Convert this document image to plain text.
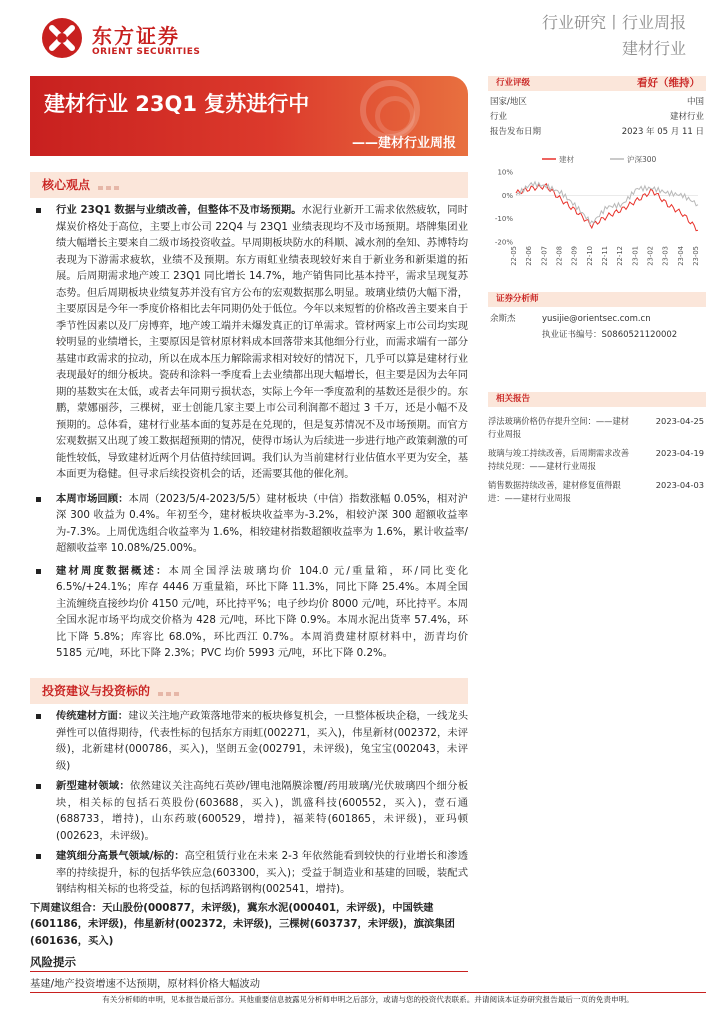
东方证券
ORIENT SECURITIES
行业研究丨行业周报
建材行业
建材行业 23Q1 复苏进行中
——建材行业周报
核心观点
行业 23Q1 数据与业绩改善，但整体不及市场预期。水泥行业新开工需求依然疲软，同时煤炭价格处于高位，主要上市公司 22Q4 与 23Q1 业绩表现均不及市场预期。塔牌集团业绩大幅增长主要来自二级市场投资收益。早周期板块防水的科顺、减水剂的垒知、苏博特均表现为下游需求疲软，业绩不及预期。东方雨虹业绩表现较好来自于新业务和新渠道的拓展。后周期需求地产竣工 23Q1 同比增长 14.7%，地产销售同比基本持平，需求呈现复苏态势。但后周期板块业绩复苏并没有官方公布的宏观数据那么明显。玻璃业绩仍大幅下滑，主要原因是今年一季度价格相比去年同期仍处于低位。今年以来短暂的价格改善主要来自于季节性因素以及厂房博弈，地产竣工端并未爆发真正的订单需求。管材两家上市公司均实现较明显的业绩增长，主要原因是管材原材料成本回落带来其他细分行业，而需求端有一部分基建市政需求的拉动，所以在成本压力解除需求相对较好的情况下，几乎可以算是建材行业表现最好的细分板块。瓷砖和涂料一季度看上去业绩都出现大幅增长，但主要是因为去年同期的基数实在太低，或者去年同期亏损状态，实际上今年一季度盈利的基数还是很少的。东鹏，蒙娜丽莎，三棵树，亚士创能几家主要上市公司利润都不超过 3 千万，还是小幅不及预期的。总体看，建材行业基本面的复苏是在兑现的，但是复苏情况不及市场预期。而官方宏观数据又出现了竣工数据超预期的情况，使得市场认为后续进一步进行地产政策刺激的可能性较低，导致建材近两个月估值持续回调。我们认为当前建材行业估值水平更为安全，基本面更为稳健。但寻求后续投资机会的话，还需要其他的催化剂。
本周市场回顾：本周（2023/5/4-2023/5/5）建材板块（中信）指数涨幅 0.05%，相对沪深 300 收益为 0.4%。年初至今，建材板块收益率为-3.2%，相较沪深 300 超额收益率为-7.3%。上周优选组合收益率为 1.6%，相较建材指数超额收益率为 1.6%，累计收益率/超额收益率 10.08%/25.00%。
建材周度数据概述：本周全国浮法玻璃均价 104.0 元/重量箱，环/同比变化 6.5%/+24.1%；库存 4446 万重量箱，环比下降 11.3%，同比下降 25.4%。本周全国主流缠绕直接纱均价 4150 元/吨，环比持平%；电子纱均价 8000 元/吨，环比持平。本周全国水泥市场平均成交价格为 428 元/吨，环比下降 0.9%。本周水泥出货率 57.4%，环比下降 5.8%；库容比 68.0%，环比西江 0.7%。本周消费建材原材料中，沥青均价 5185 元/吨，环比下降 2.3%；PVC 均价 5993 元/吨，环比下降 0.2%。
投资建议与投资标的
传统建材方面：建议关注地产政策落地带来的板块修复机会，一旦整体板块企稳，一线龙头弹性可以值得期待，代表性标的包括东方雨虹(002271，买入)，伟星新材(002372，未评级)，北新建材(000786，买入)，坚朗五金(002791，未评级)，兔宝宝(002043，未评级)
新型建材领域：依然建议关注高纯石英砂/锂电池隔膜涂覆/药用玻璃/光伏玻璃四个细分板块，相关标的包括石英股份(603688，买入)，凯盛科技(600552，买入)，壹石通(688733，增持)，山东药玻(600529，增持)，福莱特(601865，未评级)，亚玛顿(002623，未评级)。
建筑细分高景气领域/标的：高空租赁行业在未来 2-3 年依然能看到较快的行业增长和渗透率的持续提升，标的包括华铁应急(603300，买入)；受益于制造业和基建的回暖，装配式钢结构相关标的也将受益，标的包括鸿路钢构(002541，增持)。
下周建议组合：天山股份(000877，未评级)，冀东水泥(000401，未评级)，中国铁建(601186，未评级)，伟星新材(002372，未评级)，三棵树(603737，未评级)，旗滨集团(601636，买入)
风险提示
基建/地产投资增速不达预期，原材料价格大幅波动
行业评级	看好（维持）
国家/地区	中国
行业	建材行业
报告发布日期	2023 年 05 月 11 日
建材	沪深300
10%
0%
-10%
-20%
22-05 22-06 22-07 22-08 22-09 22-10 22-11 22-12 23-01 23-02 23-03 23-04 23-05
证券分析师
余斯杰	yusijie@orientsec.com.cn
执业证书编号：S0860521120002
相关报告
浮法玻璃价格仍存提升空间：——建材行业周报
2023-04-25
玻璃与竣工持续改善，后周期需求改善持续兑现：——建材行业周报
2023-04-19
销售数据持续改善，建材修复值得跟进：——建材行业周报
2023-04-03
有关分析师的申明，见本报告最后部分。其他重要信息披露见分析师申明之后部分，或请与您的投资代表联系。并请阅读本证券研究报告最后一页的免责申明。
